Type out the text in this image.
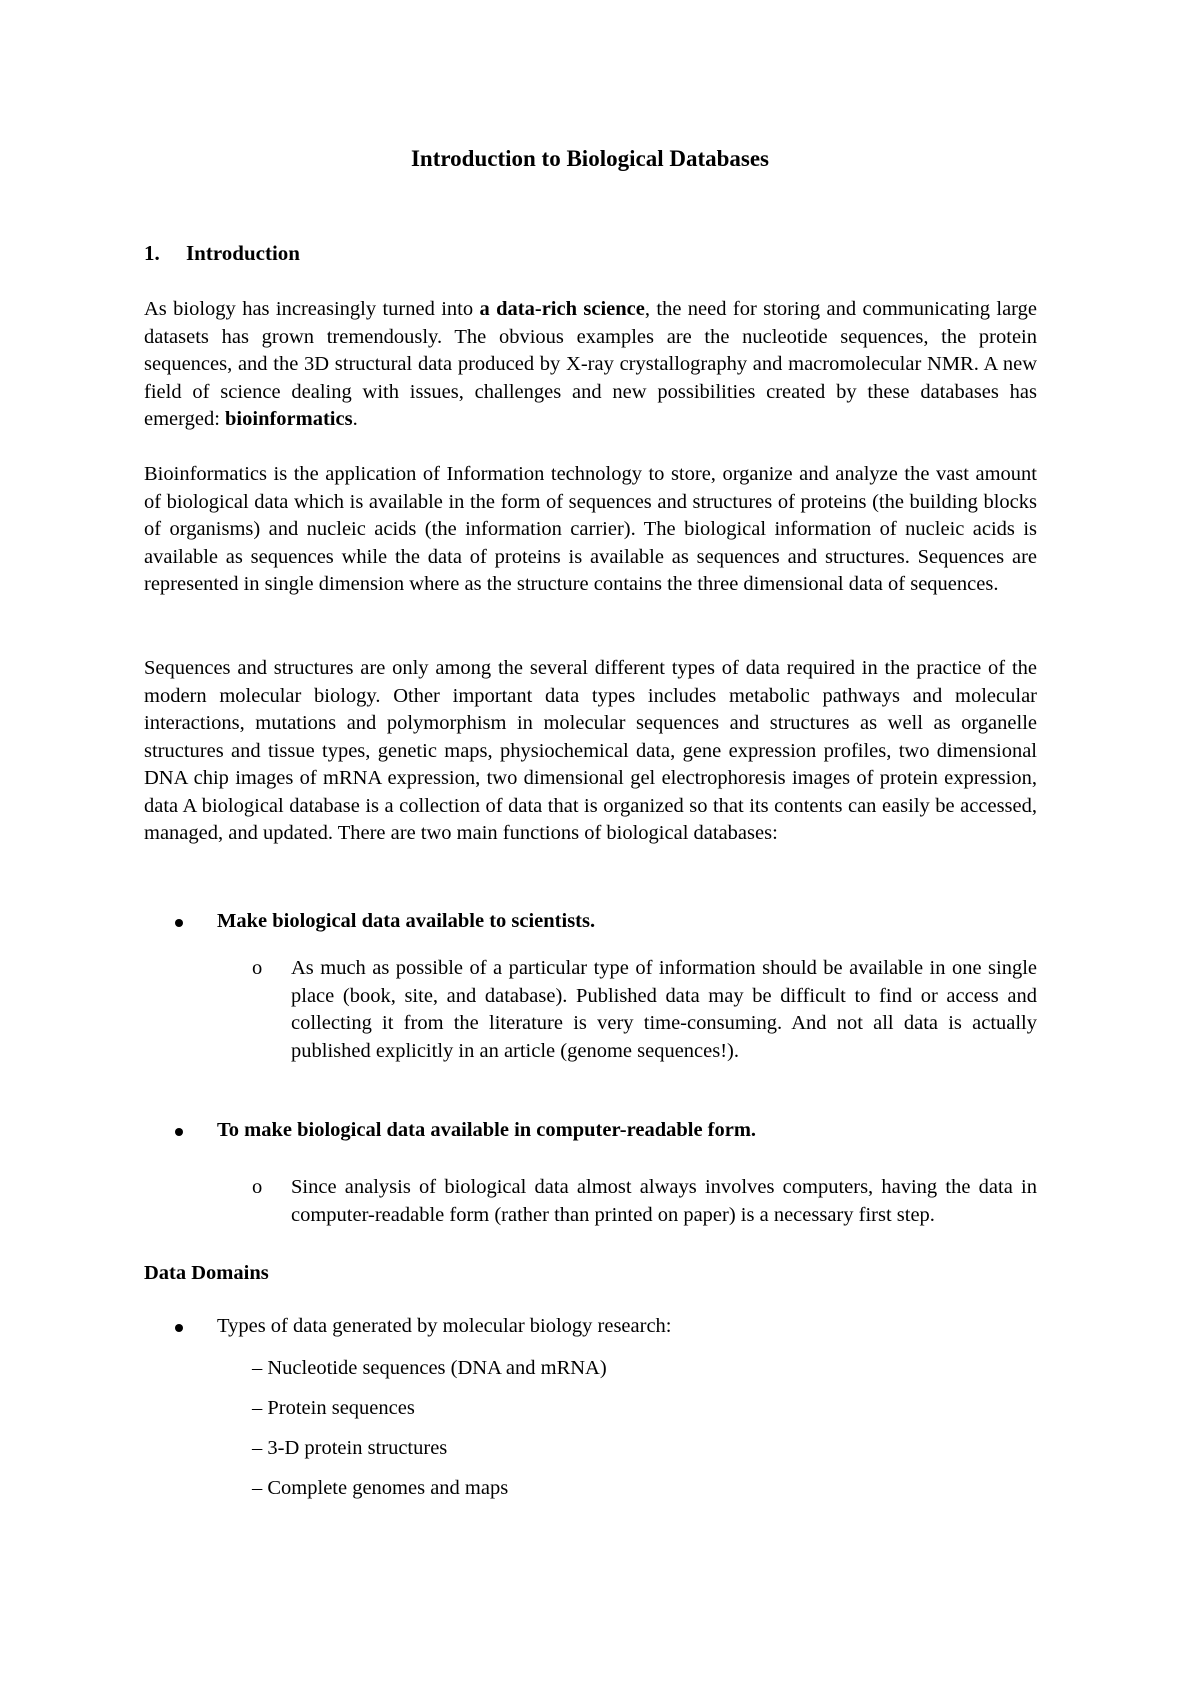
Introduction to Biological Databases
1. Introduction
As biology has increasingly turned into a data-rich science, the need for storing and communicating large datasets has grown tremendously. The obvious examples are the nucleotide sequences, the protein sequences, and the 3D structural data produced by X-ray crystallography and macromolecular NMR. A new field of science dealing with issues, challenges and new possibilities created by these databases has emerged: bioinformatics.
Bioinformatics is the application of Information technology to store, organize and analyze the vast amount of biological data which is available in the form of sequences and structures of proteins (the building blocks of organisms) and nucleic acids (the information carrier). The biological information of nucleic acids is available as sequences while the data of proteins is available as sequences and structures. Sequences are represented in single dimension where as the structure contains the three dimensional data of sequences.
Sequences and structures are only among the several different types of data required in the practice of the modern molecular biology. Other important data types includes metabolic pathways and molecular interactions, mutations and polymorphism in molecular sequences and structures as well as organelle structures and tissue types, genetic maps, physiochemical data, gene expression profiles, two dimensional DNA chip images of mRNA expression, two dimensional gel electrophoresis images of protein expression, data A biological database is a collection of data that is organized so that its contents can easily be accessed, managed, and updated. There are two main functions of biological databases:
Make biological data available to scientists.
o As much as possible of a particular type of information should be available in one single place (book, site, and database). Published data may be difficult to find or access and collecting it from the literature is very time-consuming. And not all data is actually published explicitly in an article (genome sequences!).
To make biological data available in computer-readable form.
o Since analysis of biological data almost always involves computers, having the data in computer-readable form (rather than printed on paper) is a necessary first step.
Data Domains
Types of data generated by molecular biology research:
– Nucleotide sequences (DNA and mRNA)
– Protein sequences
– 3-D protein structures
– Complete genomes and maps
